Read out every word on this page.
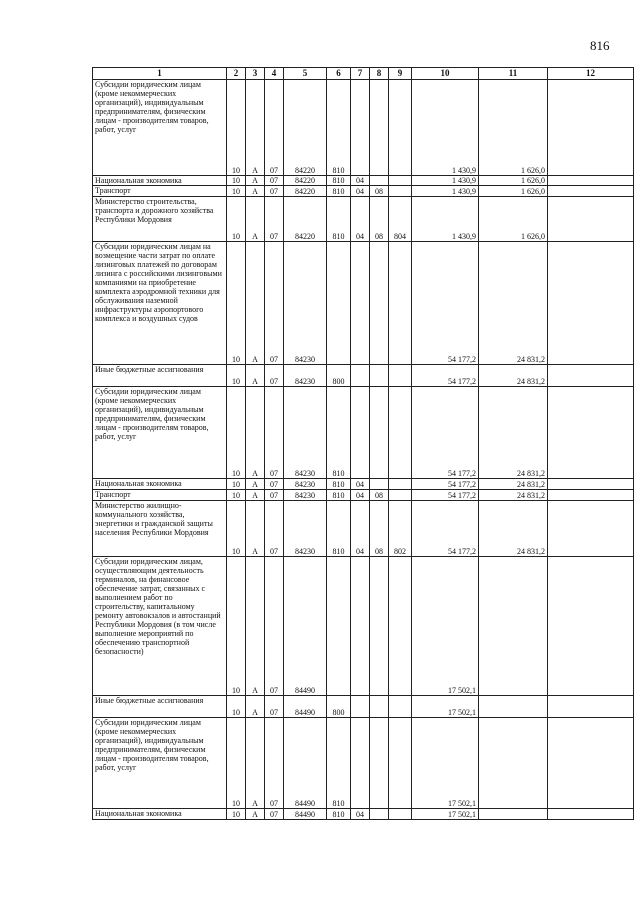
816
1	2	3	4	5	6	7	8	9	10	11	12
Субсидии юридическим лицам (кроме некоммерческих организаций), индивидуальным предпринимателям, физическим лицам - производителям товаров, работ, услуг	10	А	07	84220	810				1 430,9	1 626,0	
Национальная экономика	10	А	07	84220	810	04			1 430,9	1 626,0	
Транспорт	10	А	07	84220	810	04	08		1 430,9	1 626,0	
Министерство строительства, транспорта и дорожного хозяйства Республики Мордовия	10	А	07	84220	810	04	08	804	1 430,9	1 626,0	
Субсидии юридическим лицам на возмещение части затрат по оплате лизинговых платежей по договорам лизинга с российскими лизинговыми компаниями на приобретение комплекта аэродромной техники для обслуживания наземной инфраструктуры аэропортового комплекса и воздушных судов	10	А	07	84230					54 177,2	24 831,2	
Иные бюджетные ассигнования	10	А	07	84230	800				54 177,2	24 831,2	
Субсидии юридическим лицам (кроме некоммерческих организаций), индивидуальным предпринимателям, физическим лицам - производителям товаров, работ, услуг	10	А	07	84230	810				54 177,2	24 831,2	
Национальная экономика	10	А	07	84230	810	04			54 177,2	24 831,2	
Транспорт	10	А	07	84230	810	04	08		54 177,2	24 831,2	
Министерство жилищно-коммунального хозяйства, энергетики и гражданской защиты населения Республики Мордовия	10	А	07	84230	810	04	08	802	54 177,2	24 831,2	
Субсидии юридическим лицам, осуществляющим деятельность терминалов, на финансовое обеспечение затрат, связанных с выполнением работ по строительству, капитальному ремонту автовокзалов и автостанций Республики Мордовия (в том числе выполнение мероприятий по обеспечению транспортной безопасности)	10	А	07	84490					17 502,1		
Иные бюджетные ассигнования	10	А	07	84490	800				17 502,1		
Субсидии юридическим лицам (кроме некоммерческих организаций), индивидуальным предпринимателям, физическим лицам - производителям товаров, работ, услуг	10	А	07	84490	810				17 502,1		
Национальная экономика	10	А	07	84490	810	04			17 502,1		
